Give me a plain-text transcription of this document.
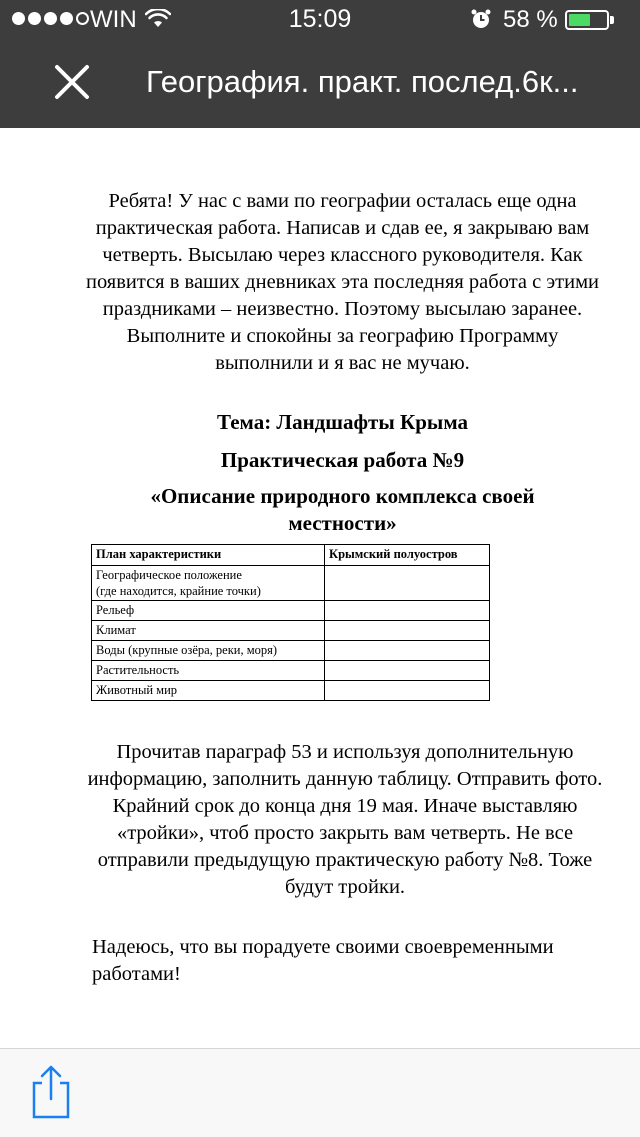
WIN	15:09	58 %
География. практ. послед.6к...
Ребята! У нас с вами по географии осталась еще одна практическая работа. Написав и сдав ее, я закрываю вам четверть. Высылаю через классного руководителя. Как появится в ваших дневниках эта последняя работа с этими праздниками – неизвестно. Поэтому высылаю заранее. Выполните и спокойны за географию Программу выполнили и я вас не мучаю.
Тема: Ландшафты Крыма
Практическая работа №9
«Описание природного комплекса своей местности»
План характеристики	Крымский полуостров
Географическое положение
(где находится, крайние точки)	
Рельеф	
Климат	
Воды (крупные озёра, реки, моря)	
Растительность	
Животный мир	
Прочитав параграф 53 и используя дополнительную информацию, заполнить данную таблицу. Отправить фото. Крайний срок до конца дня 19 мая. Иначе выставляю «тройки», чтоб просто закрыть вам четверть. Не все отправили предыдущую практическую работу №8. Тоже будут тройки.
Надеюсь, что вы порадуете своими своевременными работами!
